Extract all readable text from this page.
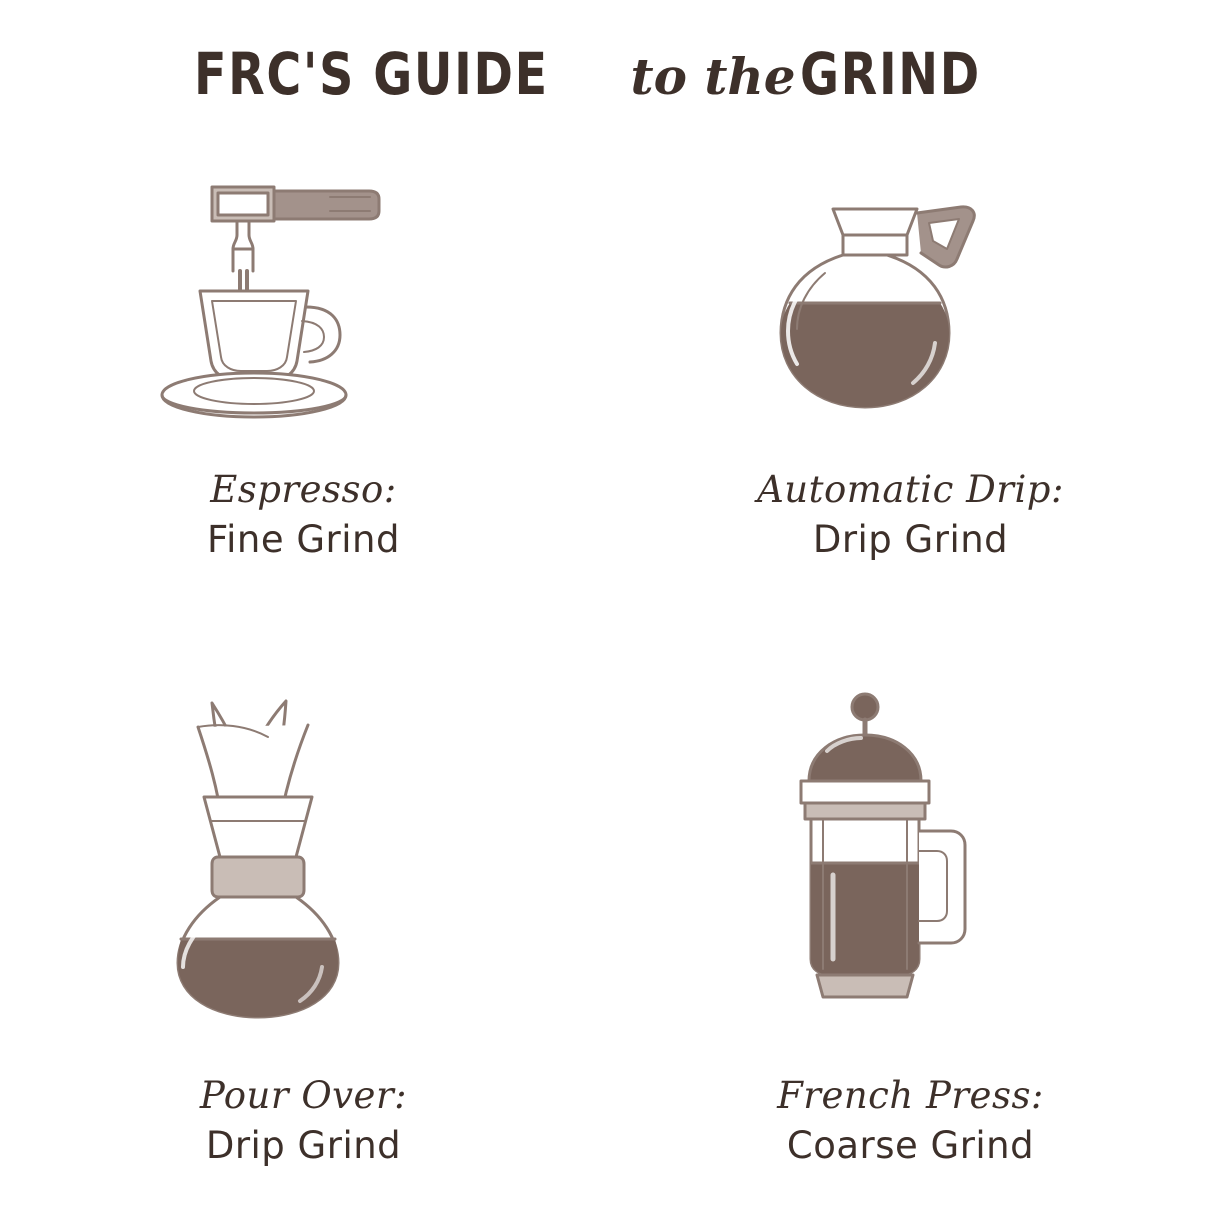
FRC'S GUIDE to theGRIND
Espresso:
Fine Grind
Automatic Drip:
Drip Grind
Pour Over:
Drip Grind
French Press:
Coarse Grind
